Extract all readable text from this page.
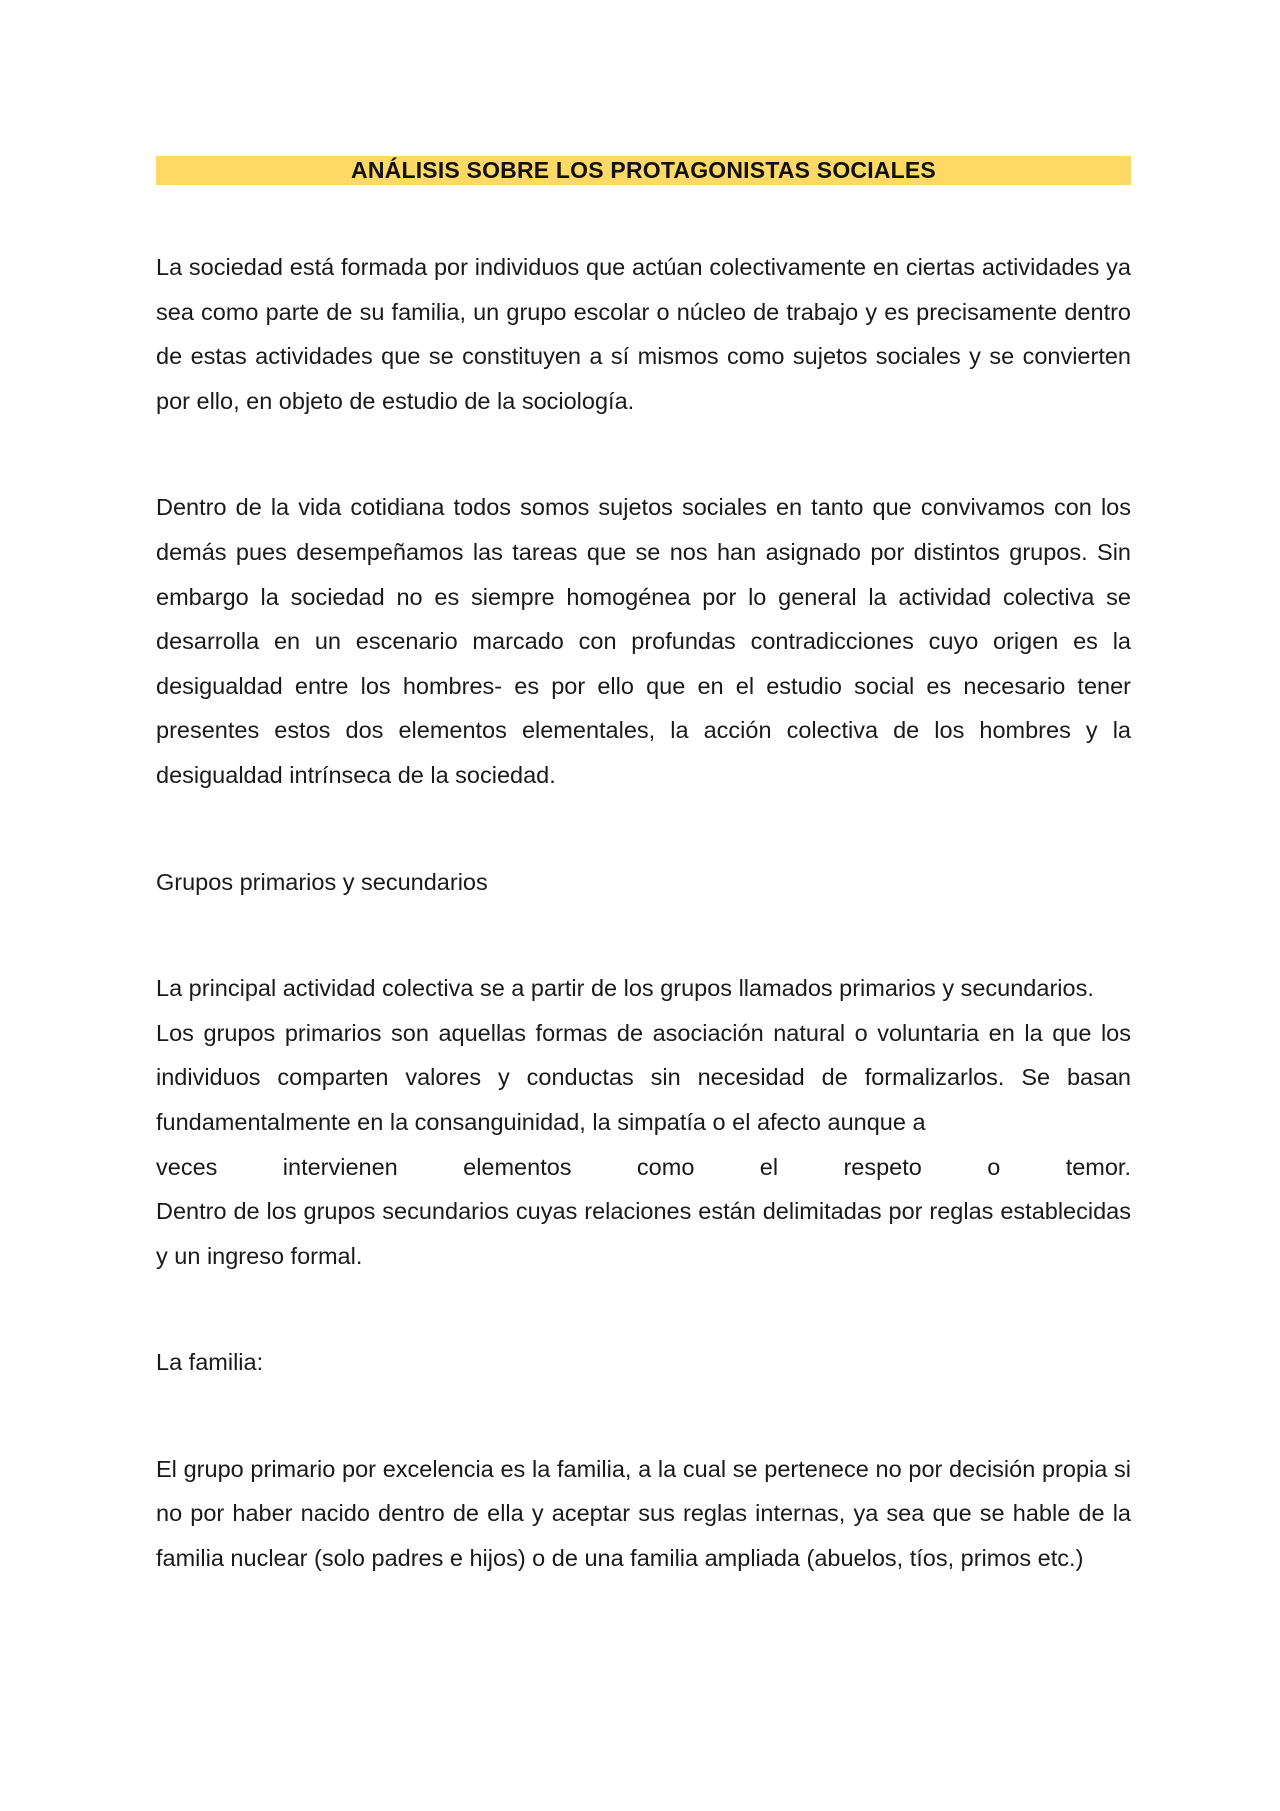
ANÁLISIS SOBRE LOS PROTAGONISTAS SOCIALES

La sociedad está formada por individuos que actúan colectivamente en ciertas actividades ya sea como parte de su familia, un grupo escolar o núcleo de trabajo y es precisamente dentro de estas actividades que se constituyen a sí mismos como sujetos sociales y se convierten por ello, en objeto de estudio de la sociología.

Dentro de la vida cotidiana todos somos sujetos sociales en tanto que convivamos con los demás pues desempeñamos las tareas que se nos han asignado por distintos grupos. Sin embargo la sociedad no es siempre homogénea por lo general la actividad colectiva se desarrolla en un escenario marcado con profundas contradicciones cuyo origen es la desigualdad entre los hombres- es por ello que en el estudio social es necesario tener presentes estos dos elementos elementales, la acción colectiva de los hombres y la desigualdad intrínseca de la sociedad.

Grupos primarios y secundarios

La principal actividad colectiva se a partir de los grupos llamados primarios y secundarios.

Los grupos primarios son aquellas formas de asociación natural o voluntaria en la que los individuos comparten valores y conductas sin necesidad de formalizarlos. Se basan fundamentalmente en la consanguinidad, la simpatía o el afecto aunque a

veces intervienen elementos como el respeto o temor.

Dentro de los grupos secundarios cuyas relaciones están delimitadas por reglas establecidas y un ingreso formal.

La familia:

El grupo primario por excelencia es la familia, a la cual se pertenece no por decisión propia si no por haber nacido dentro de ella y aceptar sus reglas internas, ya sea que se hable de la familia nuclear (solo padres e hijos) o de una familia ampliada (abuelos, tíos, primos etc.)
